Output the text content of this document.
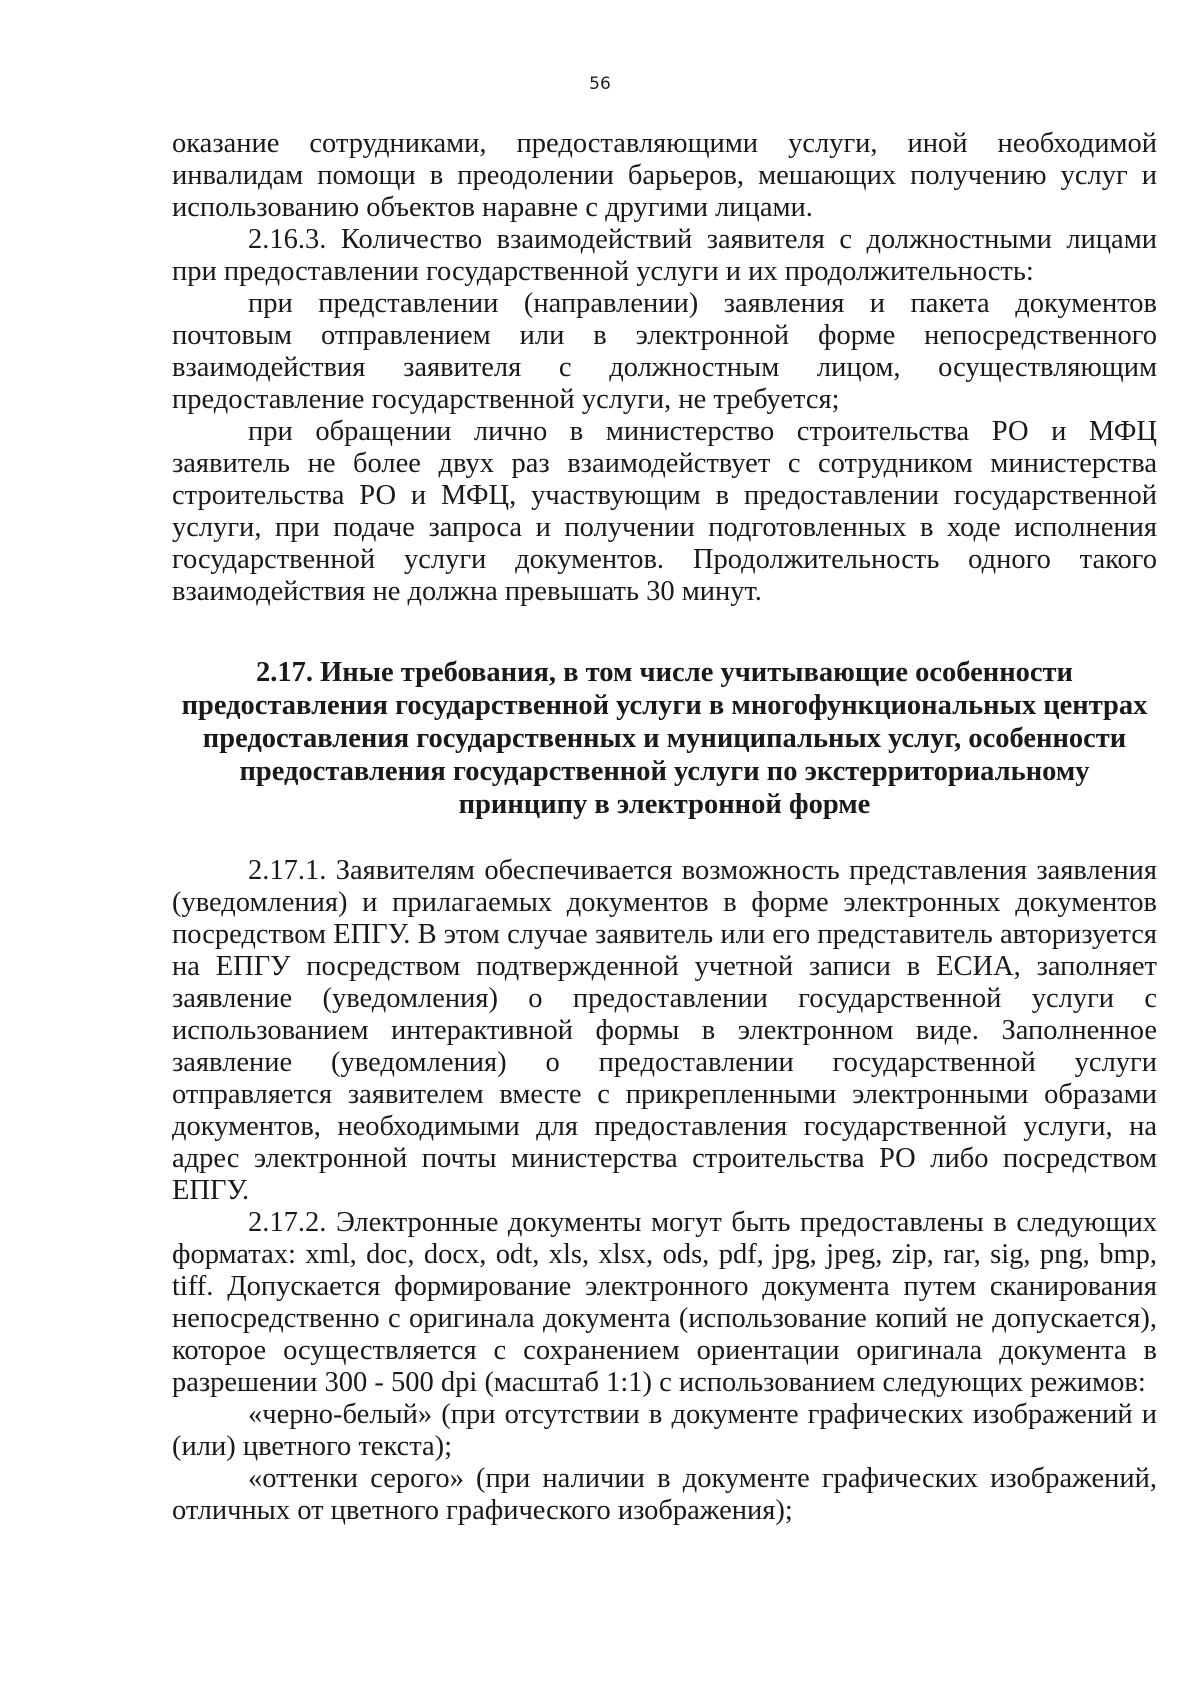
56

оказание сотрудниками, предоставляющими услуги, иной необходимой инвалидам помощи в преодолении барьеров, мешающих получению услуг и использованию объектов наравне с другими лицами.

2.16.3. Количество взаимодействий заявителя с должностными лицами при предоставлении государственной услуги и их продолжительность:

при представлении (направлении) заявления и пакета документов почтовым отправлением или в электронной форме непосредственного взаимодействия заявителя с должностным лицом, осуществляющим предоставление государственной услуги, не требуется;

при обращении лично в министерство строительства РО и МФЦ заявитель не более двух раз взаимодействует с сотрудником министерства строительства РО и МФЦ, участвующим в предоставлении государственной услуги, при подаче запроса и получении подготовленных в ходе исполнения государственной услуги документов. Продолжительность одного такого взаимодействия не должна превышать 30 минут.

2.17. Иные требования, в том числе учитывающие особенности предоставления государственной услуги в многофункциональных центрах предоставления государственных и муниципальных услуг, особенности предоставления государственной услуги по экстерриториальному принципу в электронной форме

2.17.1. Заявителям обеспечивается возможность представления заявления (уведомления) и прилагаемых документов в форме электронных документов посредством ЕПГУ. В этом случае заявитель или его представитель авторизуется на ЕПГУ посредством подтвержденной учетной записи в ЕСИА, заполняет заявление (уведомления) о предоставлении государственной услуги с использованием интерактивной формы в электронном виде. Заполненное заявление (уведомления) о предоставлении государственной услуги отправляется заявителем вместе с прикрепленными электронными образами документов, необходимыми для предоставления государственной услуги, на адрес электронной почты министерства строительства РО либо посредством ЕПГУ.

2.17.2. Электронные документы могут быть предоставлены в следующих форматах: xml, doc, docx, odt, xls, xlsx, ods, pdf, jpg, jpeg, zip, rar, sig, png, bmp, tiff. Допускается формирование электронного документа путем сканирования непосредственно с оригинала документа (использование копий не допускается), которое осуществляется с сохранением ориентации оригинала документа в разрешении 300 - 500 dpi (масштаб 1:1) с использованием следующих режимов:

«черно-белый» (при отсутствии в документе графических изображений и (или) цветного текста);

«оттенки серого» (при наличии в документе графических изображений, отличных от цветного графического изображения);
